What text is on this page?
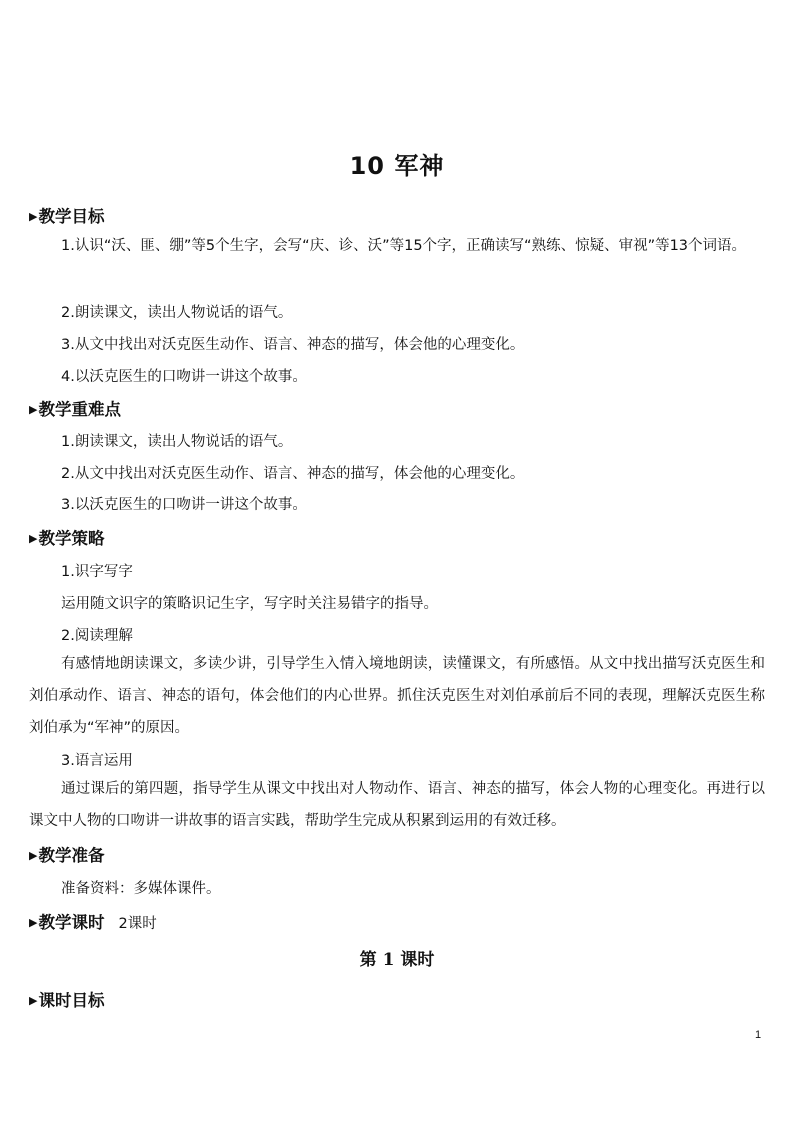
10 军神
▶教学目标
1.认识“沃、匪、绷”等5个生字，会写“庆、诊、沃”等15个字，正确读写“熟练、惊疑、审视”等13个词语。
2.朗读课文，读出人物说话的语气。
3.从文中找出对沃克医生动作、语言、神态的描写，体会他的心理变化。
4.以沃克医生的口吻讲一讲这个故事。
▶教学重难点
1.朗读课文，读出人物说话的语气。
2.从文中找出对沃克医生动作、语言、神态的描写，体会他的心理变化。
3.以沃克医生的口吻讲一讲这个故事。
▶教学策略
1.识字写字
运用随文识字的策略识记生字，写字时关注易错字的指导。
2.阅读理解
有感情地朗读课文，多读少讲，引导学生入情入境地朗读，读懂课文，有所感悟。从文中找出描写沃克医生和刘伯承动作、语言、神态的语句，体会他们的内心世界。抓住沃克医生对刘伯承前后不同的表现，理解沃克医生称刘伯承为“军神”的原因。
3.语言运用
通过课后的第四题，指导学生从课文中找出对人物动作、语言、神态的描写，体会人物的心理变化。再进行以课文中人物的口吻讲一讲故事的语言实践，帮助学生完成从积累到运用的有效迁移。
▶教学准备
准备资料：多媒体课件。
▶教学课时 2课时
第 1 课时
▶课时目标
1
